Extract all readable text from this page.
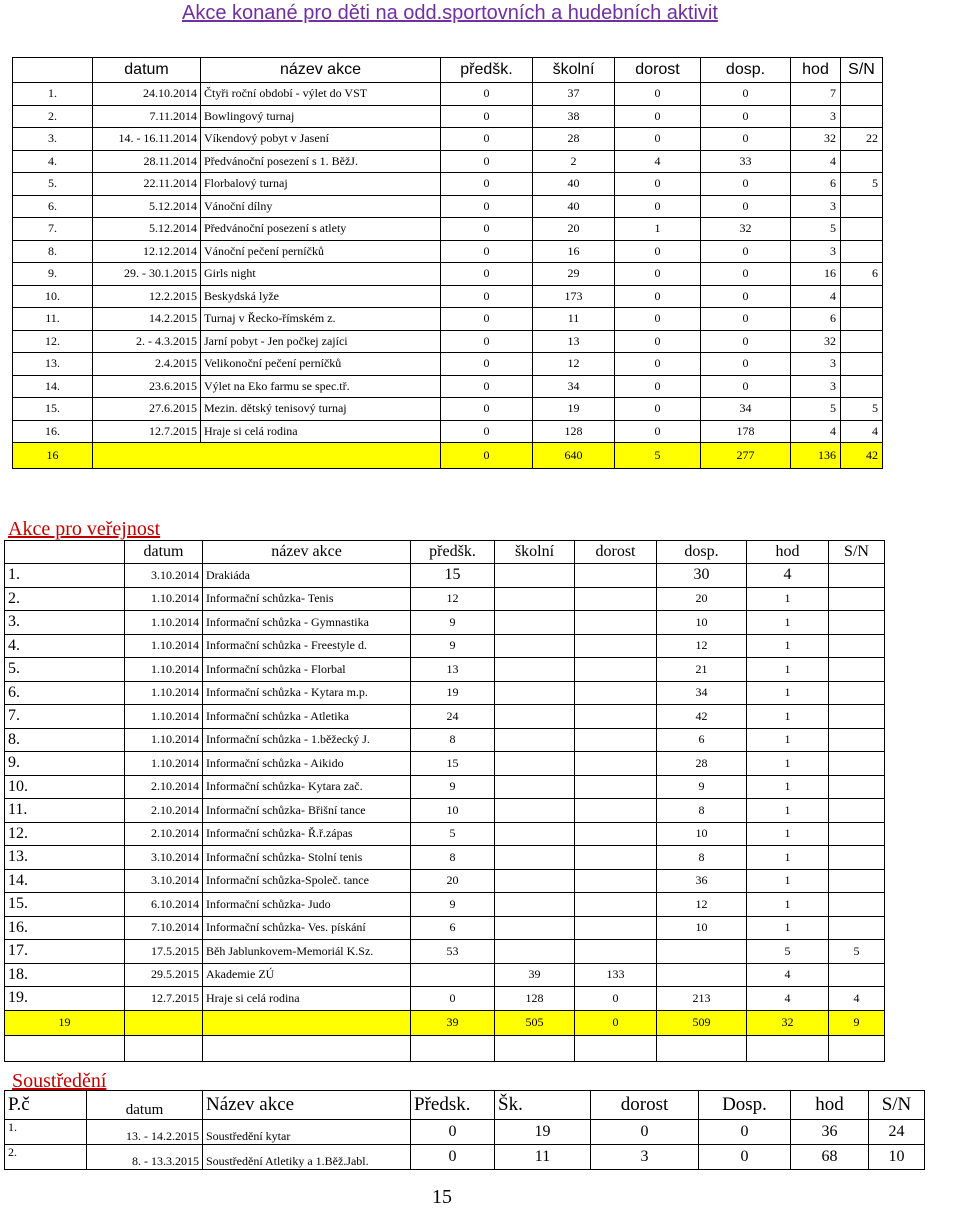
Akce konané pro děti na odd.sportovních a hudebních aktivit
	datum	název akce	předšk.	školní	dorost	dosp.	hod	S/N
1.	24.10.2014	Čtyři roční období - výlet do VST	0	37	0	0	7	
2.	7.11.2014	Bowlingový turnaj	0	38	0	0	3	
3.	14. - 16.11.2014	Víkendový pobyt v Jasení	0	28	0	0	32	22
4.	28.11.2014	Předvánoční posezení s 1. BěžJ.	0	2	4	33	4	
5.	22.11.2014	Florbalový turnaj	0	40	0	0	6	5
6.	5.12.2014	Vánoční dílny	0	40	0	0	3	
7.	5.12.2014	Předvánoční posezení s atlety	0	20	1	32	5	
8.	12.12.2014	Vánoční pečení perníčků	0	16	0	0	3	
9.	29. - 30.1.2015	Girls night	0	29	0	0	16	6
10.	12.2.2015	Beskydská lyže	0	173	0	0	4	
11.	14.2.2015	Turnaj v Řecko-římském z.	0	11	0	0	6	
12.	2. - 4.3.2015	Jarní pobyt - Jen počkej zajíci	0	13	0	0	32	
13.	2.4.2015	Velikonoční pečení perníčků	0	12	0	0	3	
14.	23.6.2015	Výlet na Eko farmu se spec.tř.	0	34	0	0	3	
15.	27.6.2015	Mezin. dětský tenisový turnaj	0	19	0	34	5	5
16.	12.7.2015	Hraje si celá rodina	0	128	0	178	4	4
16			0	640	5	277	136	42
Akce pro veřejnost
	datum	název akce	předšk.	školní	dorost	dosp.	hod	S/N
1.	3.10.2014	Drakiáda	15			30	4	
2.	1.10.2014	Informační schůzka- Tenis	12			20	1	
3.	1.10.2014	Informační schůzka - Gymnastika	9			10	1	
4.	1.10.2014	Informační schůzka - Freestyle d.	9			12	1	
5.	1.10.2014	Informační schůzka - Florbal	13			21	1	
6.	1.10.2014	Informační schůzka - Kytara m.p.	19			34	1	
7.	1.10.2014	Informační schůzka - Atletika	24			42	1	
8.	1.10.2014	Informační schůzka - 1.běžecký J.	8			6	1	
9.	1.10.2014	Informační schůzka - Aikido	15			28	1	
10.	2.10.2014	Informační schůzka- Kytara zač.	9			9	1	
11.	2.10.2014	Informační schůzka- Břišní tance	10			8	1	
12.	2.10.2014	Informační schůzka- Ř.ř.zápas	5			10	1	
13.	3.10.2014	Informační schůzka- Stolní tenis	8			8	1	
14.	3.10.2014	Informační schůzka-Společ. tance	20			36	1	
15.	6.10.2014	Informační schůzka- Judo	9			12	1	
16.	7.10.2014	Informační schůzka- Ves. pískání	6			10	1	
17.	17.5.2015	Běh Jablunkovem-Memoriál K.Sz.	53				5	5
18.	29.5.2015	Akademie ZÚ		39	133		4	
19.	12.7.2015	Hraje si celá rodina	0	128	0	213	4	4
19			39	505	0	509	32	9

Soustředění
P.č	datum	Název akce	Předsk.	Šk.	dorost	Dosp.	hod	S/N
1.	13. - 14.2.2015	Soustředění kytar	0	19	0	0	36	24
2.	8. - 13.3.2015	Soustředění Atletiky a 1.Běž.Jabl.	0	11	3	0	68	10
15
